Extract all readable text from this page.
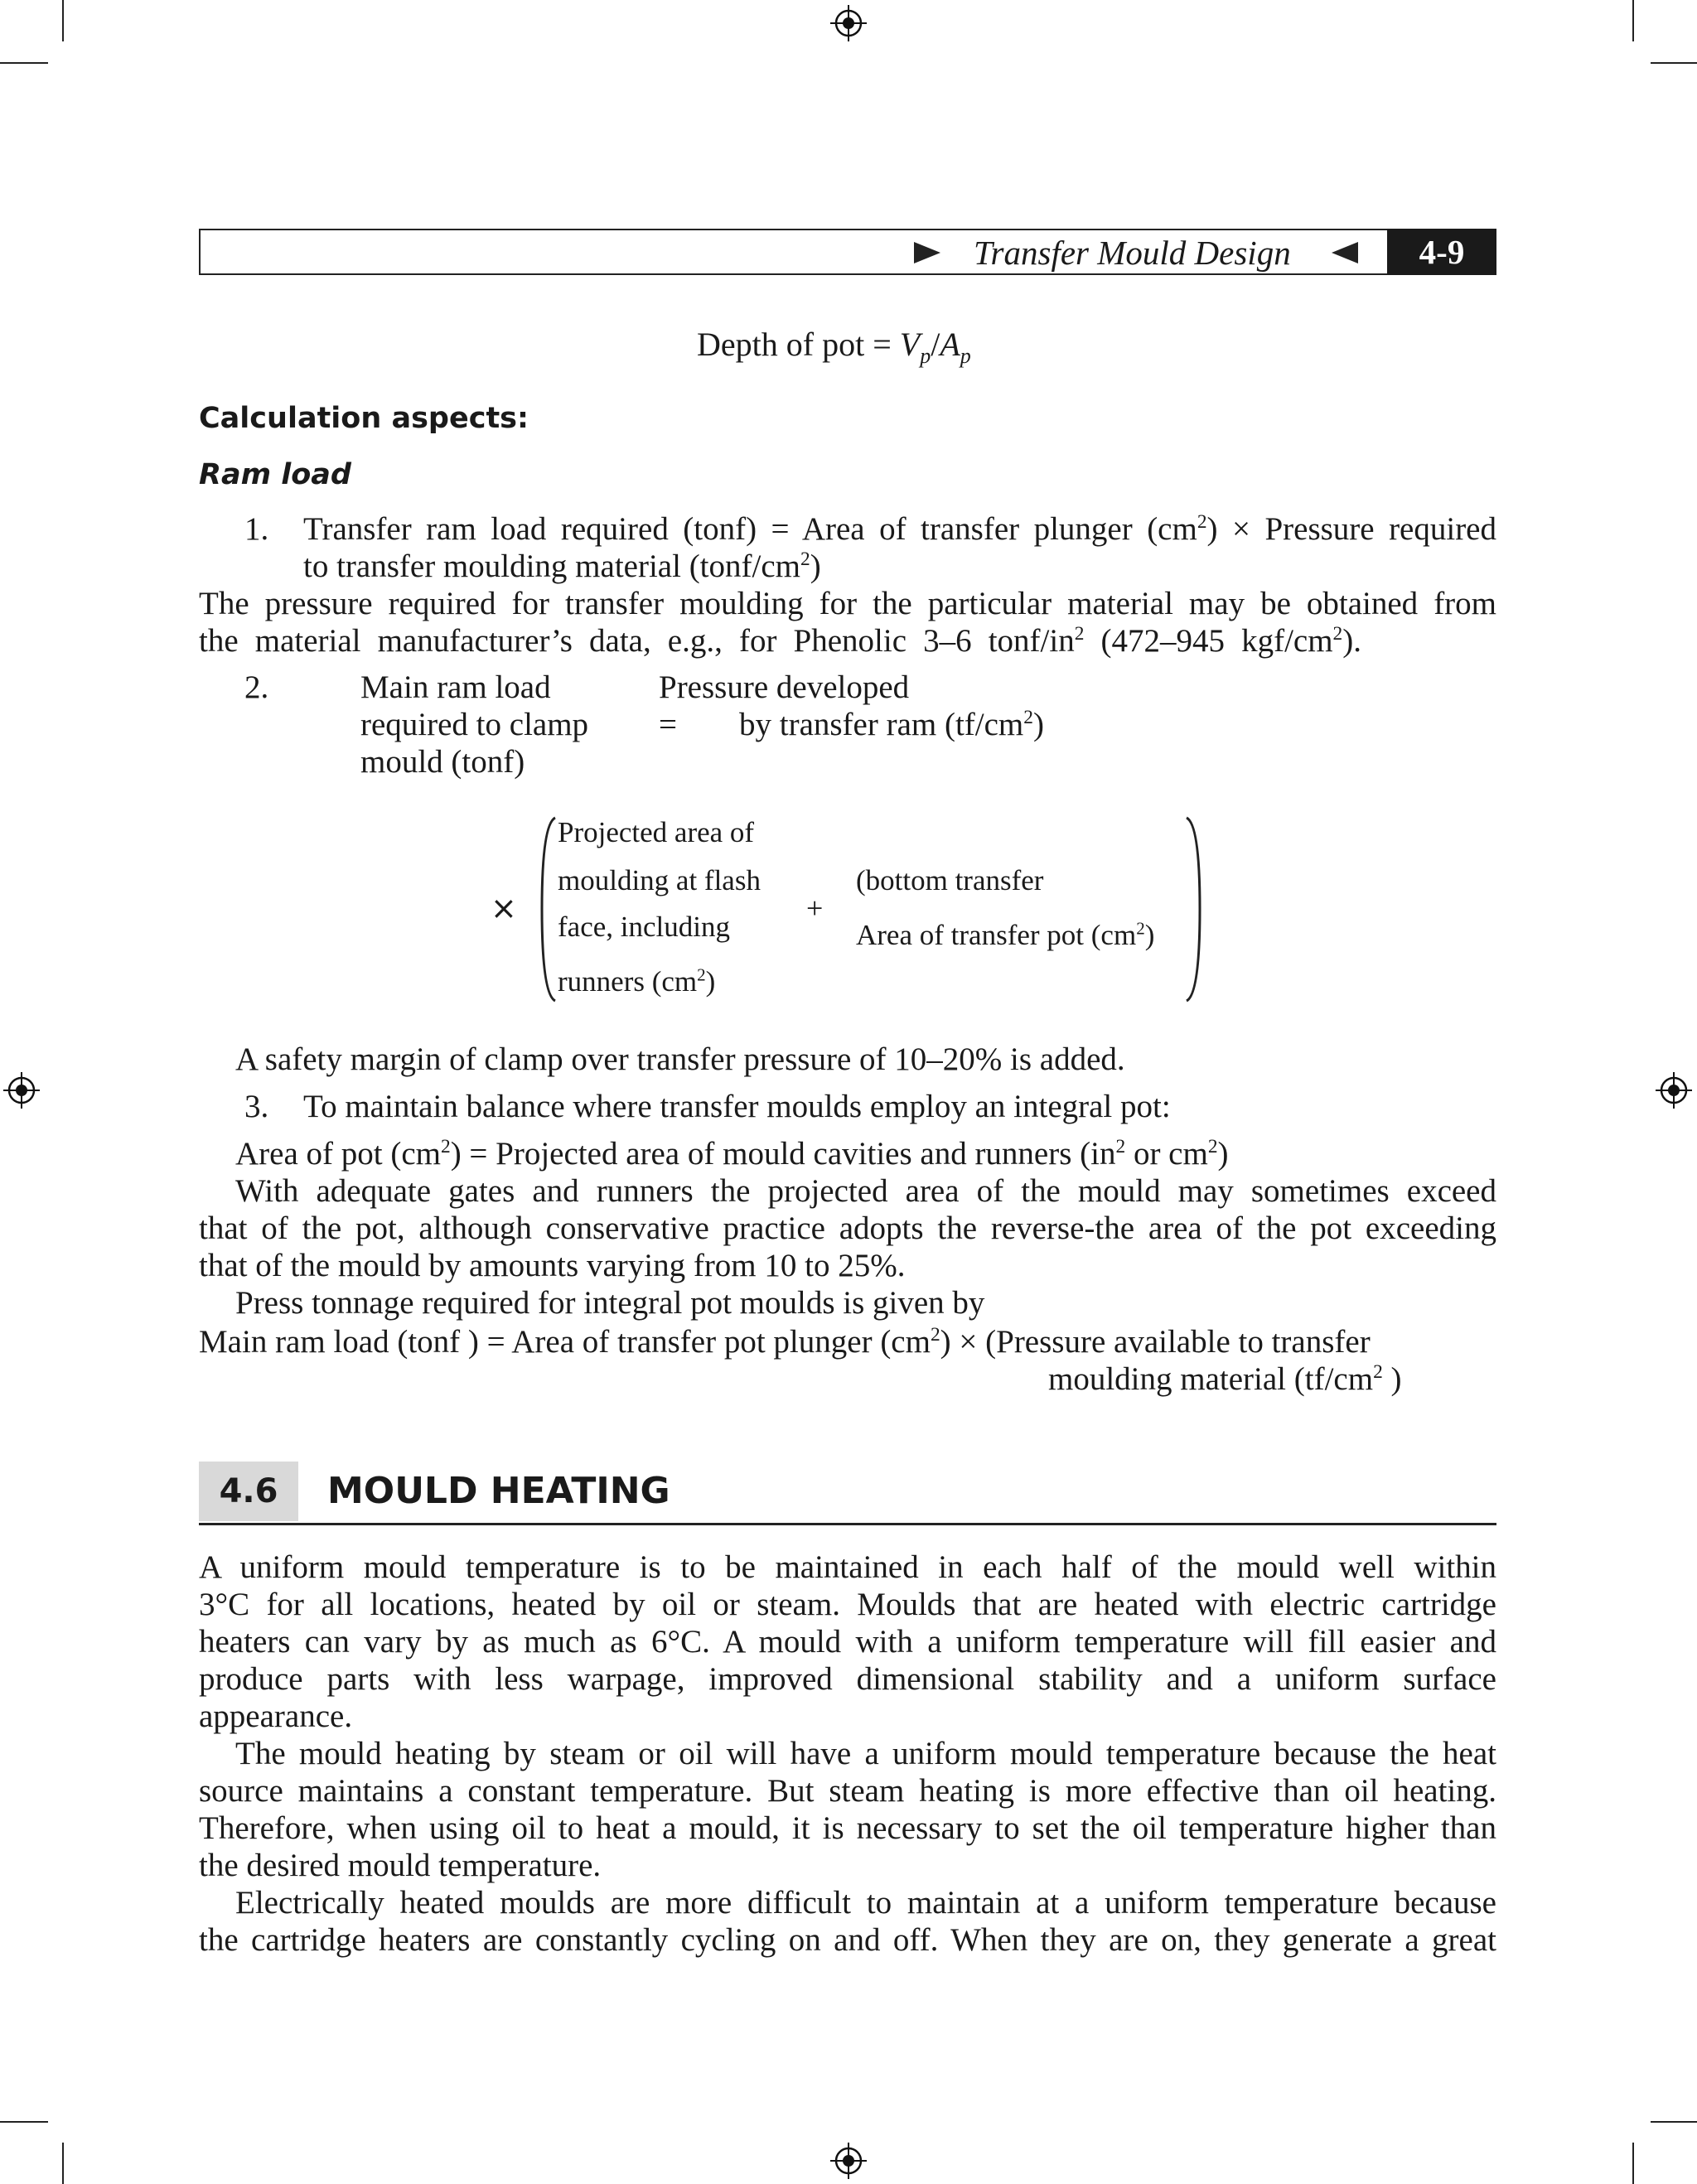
Transfer Mould Design	4-9
Depth of pot = $V_p/A_p$
Calculation aspects:
Ram load
1. Transfer ram load required (tonf) = Area of transfer plunger $(cm^2)$ × Pressure required
to transfer moulding material $(tonf/cm^2)$
The pressure required for transfer moulding for the particular material may be obtained from
the material manufacturer’s data, e.g., for Phenolic 3–6 tonf/$in^2$ (472–945 kgf/$cm^2$).
2.	Main ram load
required to clamp
mould (tonf)
=
Pressure developed
by transfer ram $(tf/cm^2)$
×
Projected area of
moulding at flash
face, including
runners $(cm^2)$
+
(bottom transfer
Area of transfer pot $(cm^2)$
A safety margin of clamp over transfer pressure of 10–20% is added.
3. To maintain balance where transfer moulds employ an integral pot:
Area of pot $(cm^2)$ = Projected area of mould cavities and runners ($in^2$ or $cm^2$)
With adequate gates and runners the projected area of the mould may sometimes exceed
that of the pot, although conservative practice adopts the reverse-the area of the pot exceeding
that of the mould by amounts varying from 10 to 25%.
Press tonnage required for integral pot moulds is given by
Main ram load (tonf ) = Area of transfer pot plunger $(cm^2)$ × (Pressure available to transfer
moulding material ($tf/cm^2$ )
4.6	MOULD HEATING
A uniform mould temperature is to be maintained in each half of the mould well within
3°C for all locations, heated by oil or steam. Moulds that are heated with electric cartridge
heaters can vary by as much as 6°C. A mould with a uniform temperature will fill easier and
produce parts with less warpage, improved dimensional stability and a uniform surface
appearance.
The mould heating by steam or oil will have a uniform mould temperature because the heat
source maintains a constant temperature. But steam heating is more effective than oil heating.
Therefore, when using oil to heat a mould, it is necessary to set the oil temperature higher than
the desired mould temperature.
Electrically heated moulds are more difficult to maintain at a uniform temperature because
the cartridge heaters are constantly cycling on and off. When they are on, they generate a great
